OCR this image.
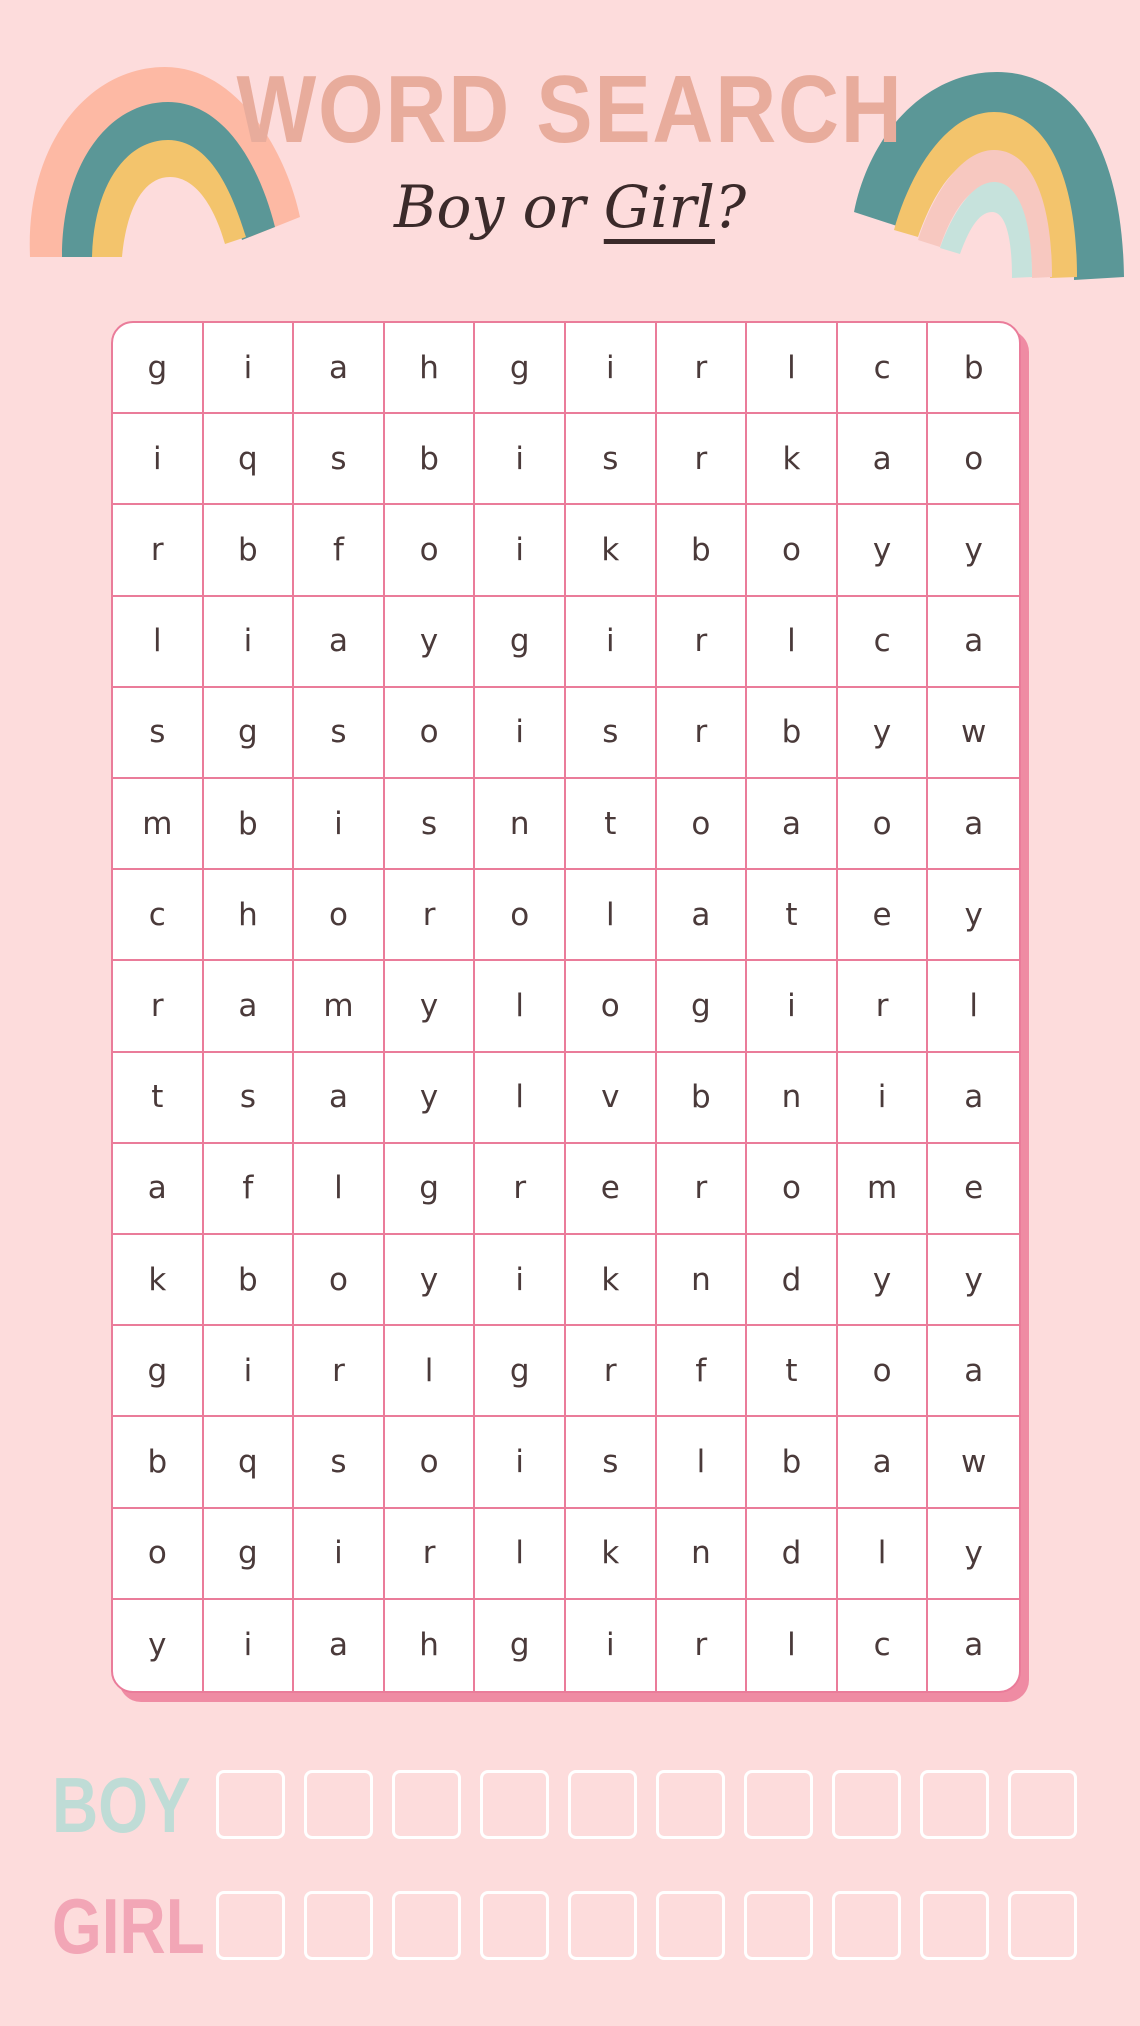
WORD SEARCH
Boy or Girl?
g	i	a	h	g	i	r	l	c	b
i	q	s	b	i	s	r	k	a	o
r	b	f	o	i	k	b	o	y	y
l	i	a	y	g	i	r	l	c	a
s	g	s	o	i	s	r	b	y	w
m	b	i	s	n	t	o	a	o	a
c	h	o	r	o	l	a	t	e	y
r	a	m	y	l	o	g	i	r	l
t	s	a	y	l	v	b	n	i	a
a	f	l	g	r	e	r	o	m	e
k	b	o	y	i	k	n	d	y	y
g	i	r	l	g	r	f	t	o	a
b	q	s	o	i	s	l	b	a	w
o	g	i	r	l	k	n	d	l	y
y	i	a	h	g	i	r	l	c	a
BOY
GIRL
